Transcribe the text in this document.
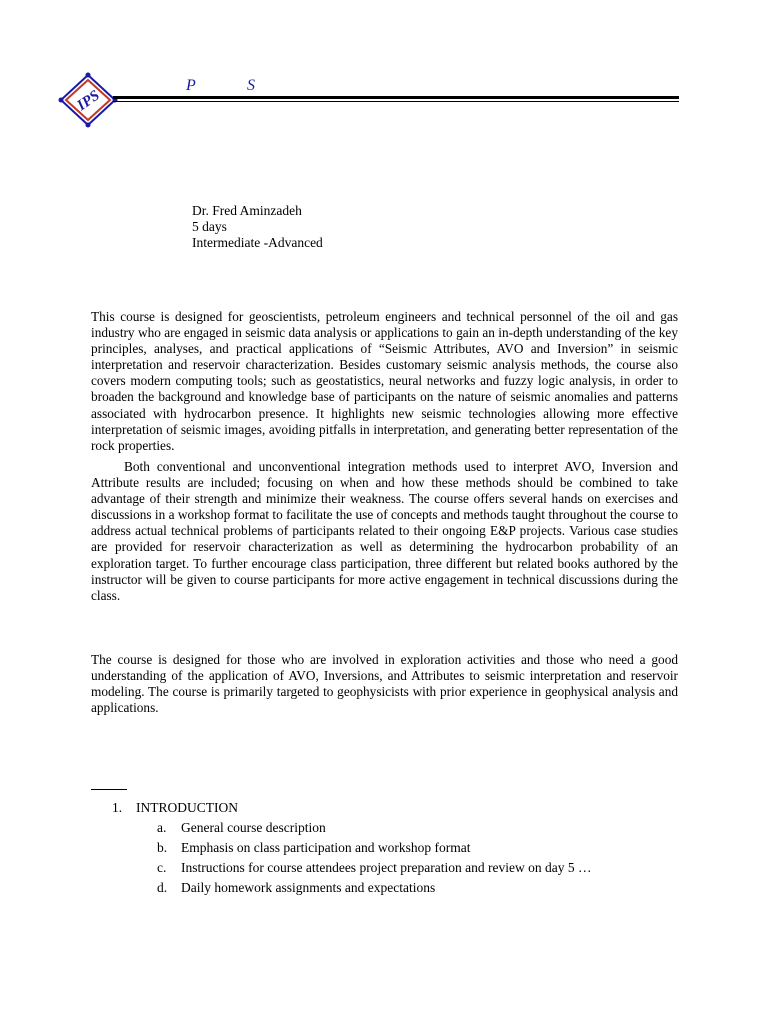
IPS
P	S
Dr. Fred Aminzadeh
5 days
Intermediate -Advanced

This course is designed for geoscientists, petroleum engineers and technical personnel of the oil and gas industry who are engaged in seismic data analysis or applications to gain an in-depth understanding of the key principles, analyses, and practical applications of “Seismic Attributes, AVO and Inversion” in seismic interpretation and reservoir characterization. Besides customary seismic analysis methods, the course also covers modern computing tools; such as geostatistics, neural networks and fuzzy logic analysis, in order to broaden the background and knowledge base of participants on the nature of seismic anomalies and patterns associated with hydrocarbon presence. It highlights new seismic technologies allowing more effective interpretation of seismic images, avoiding pitfalls in interpretation, and generating better representation of the rock properties.

Both conventional and unconventional integration methods used to interpret AVO, Inversion and Attribute results are included; focusing on when and how these methods should be combined to take advantage of their strength and minimize their weakness. The course offers several hands on exercises and discussions in a workshop format to facilitate the use of concepts and methods taught throughout the course to address actual technical problems of participants related to their ongoing E&P projects. Various case studies are provided for reservoir characterization as well as determining the hydrocarbon probability of an exploration target. To further encourage class participation, three different but related books authored by the instructor will be given to course participants for more active engagement in technical discussions during the class.

The course is designed for those who are involved in exploration activities and those who need a good understanding of the application of AVO, Inversions, and Attributes to seismic interpretation and reservoir modeling. The course is primarily targeted to geophysicists with prior experience in geophysical analysis and applications.

1. INTRODUCTION
a. General course description
b. Emphasis on class participation and workshop format
c. Instructions for course attendees project preparation and review on day 5 …
d. Daily homework assignments and expectations
